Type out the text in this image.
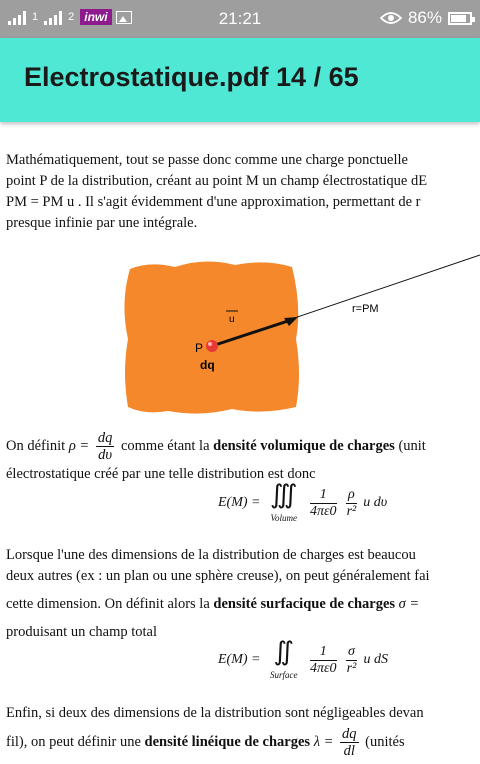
1	2 inwi	21:21	86%
Electrostatique.pdf 14 / 65
Mathématiquement, tout se passe donc comme une charge ponctuelle
point P de la distribution, créant au point M un champ électrostatique dE
PM = PM u . Il s'agit évidemment d'une approximation, permettant de r
presque infinie par une intégrale.
u
P
dq
r=PM
On définit $\rho = \frac{dq}{d\upsilon}$ comme étant la densité volumique de charges (unit
électrostatique créé par une telle distribution est donc
E(M) = ∭
Volume $\frac{1}{4\pi\varepsilon 0}$
$\frac{\rho}{\text{r²}}$ u dυ
Lorsque l'une des dimensions de la distribution de charges est beaucou
deux autres (ex : un plan ou une sphère creuse), on peut généralement fai
cette dimension. On définit alors la densité surfacique de charges σ =
produisant un champ total
E(M) = ∬
Surface $\frac{1}{4\pi\varepsilon 0}$
$\frac{\sigma}{\text{r²}}$ u dS
Enfin, si deux des dimensions de la distribution sont négligeables devan
fil), on peut définir une densité linéique de charges $\lambda = \frac{dq}{dl}$ (unités
